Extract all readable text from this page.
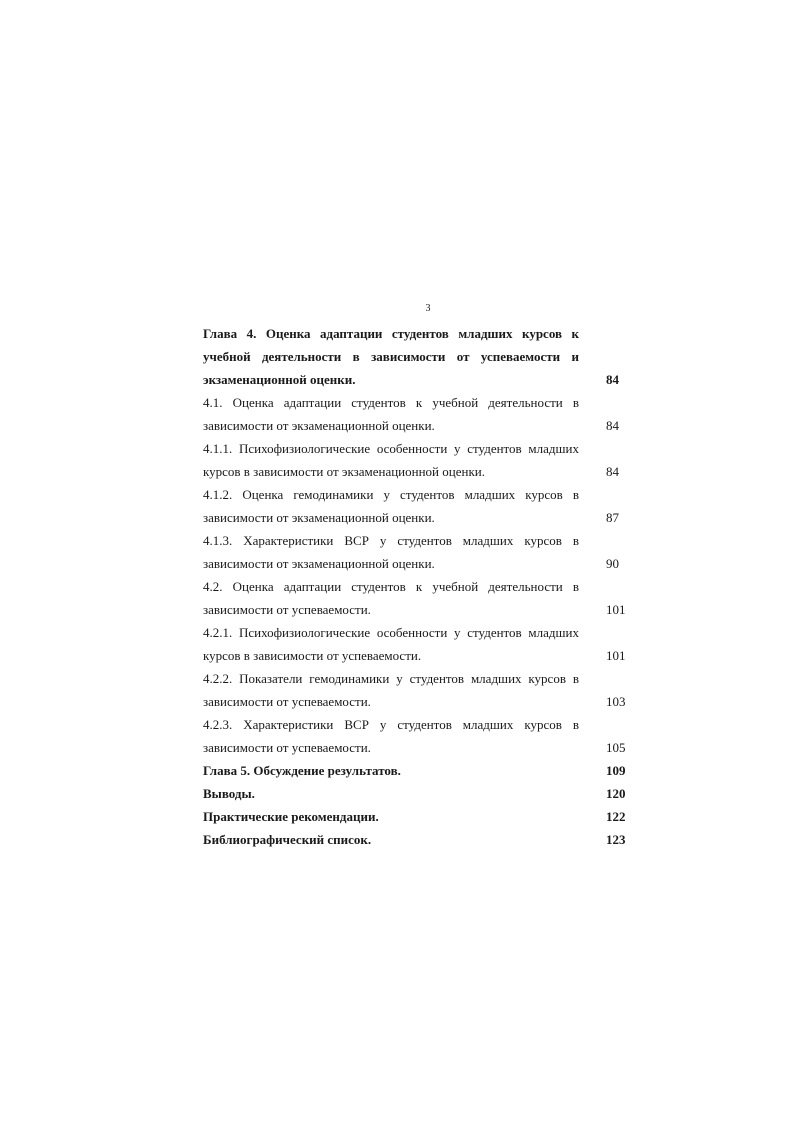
3
Глава 4. Оценка адаптации студентов младших курсов к
учебной деятельности в зависимости от успеваемости и
экзаменационной оценки.	84
4.1. Оценка адаптации студентов к учебной деятельности в
зависимости от экзаменационной оценки.	84
4.1.1. Психофизиологические особенности у студентов младших
курсов в зависимости от экзаменационной оценки.	84
4.1.2. Оценка гемодинамики у студентов младших курсов в
зависимости от экзаменационной оценки.	87
4.1.3. Характеристики ВСР у студентов младших курсов в
зависимости от экзаменационной оценки.	90
4.2. Оценка адаптации студентов к учебной деятельности в
зависимости от успеваемости.	101
4.2.1. Психофизиологические особенности у студентов младших
курсов в зависимости от успеваемости.	101
4.2.2. Показатели гемодинамики у студентов младших курсов в
зависимости от успеваемости.	103
4.2.3. Характеристики ВСР у студентов младших курсов в
зависимости от успеваемости.	105
Глава 5. Обсуждение результатов.	109
Выводы.	120
Практические рекомендации.	122
Библиографический список.	123
